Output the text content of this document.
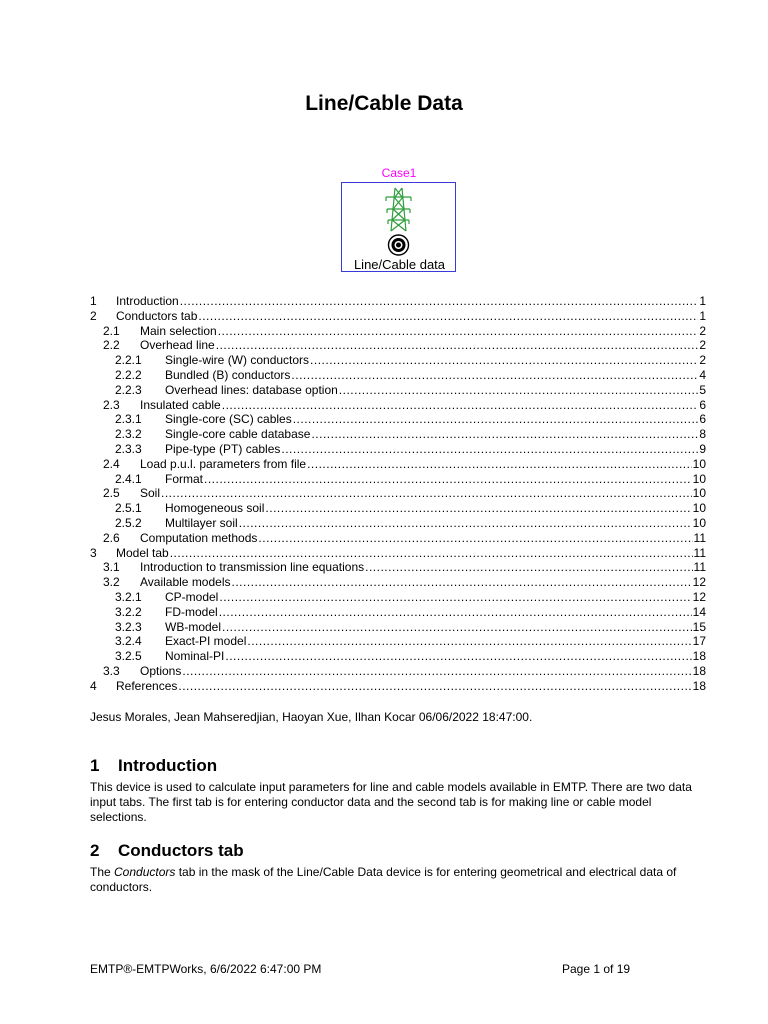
Line/Cable Data
Case1
Line/Cable data
1	Introduction .....	1
2	Conductors tab .....	1
2.1	Main selection .....	2
2.2	Overhead line .....	2
2.2.1	Single-wire (W) conductors .....	2
2.2.2	Bundled (B) conductors .....	4
2.2.3	Overhead lines: database option .....	5
2.3	Insulated cable .....	6
2.3.1	Single-core (SC) cables .....	6
2.3.2	Single-core cable database .....	8
2.3.3	Pipe-type (PT) cables .....	9
2.4	Load p.u.l. parameters from file .....	10
2.4.1	Format .....	10
2.5	Soil .....	10
2.5.1	Homogeneous soil .....	10
2.5.2	Multilayer soil .....	10
2.6	Computation methods .....	11
3	Model tab .....	11
3.1	Introduction to transmission line equations .....	11
3.2	Available models .....	12
3.2.1	CP-model .....	12
3.2.2	FD-model .....	14
3.2.3	WB-model .....	15
3.2.4	Exact-PI model .....	17
3.2.5	Nominal-PI .....	18
3.3	Options .....	18
4	References .....	18
Jesus Morales, Jean Mahseredjian, Haoyan Xue, Ilhan Kocar 06/06/2022 18:47:00.
1 Introduction
This device is used to calculate input parameters for line and cable models available in EMTP. There are two data input tabs. The first tab is for entering conductor data and the second tab is for making line or cable model selections.
2 Conductors tab
The Conductors tab in the mask of the Line/Cable Data device is for entering geometrical and electrical data of conductors.
EMTP®-EMTPWorks, 6/6/2022 6:47:00 PM	Page 1 of 19
